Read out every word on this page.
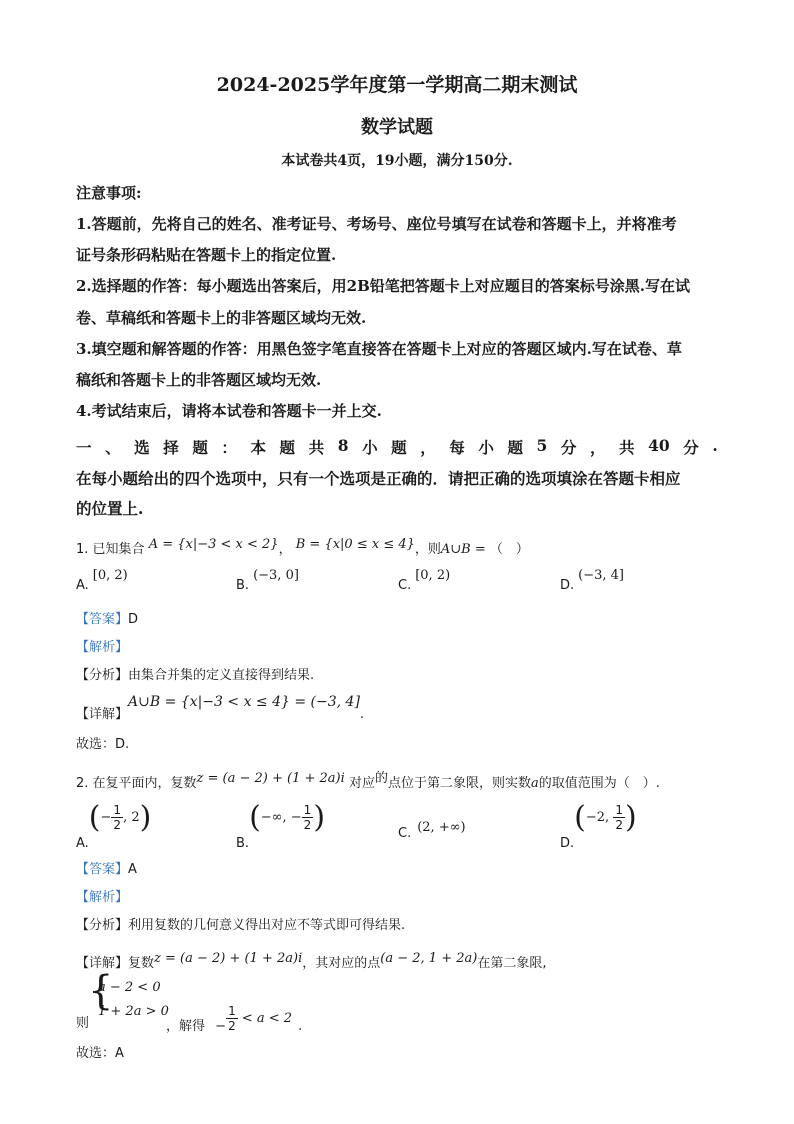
2024-2025学年度第一学期高二期末测试
数学试题
本试卷共4页，19小题，满分150分.
注意事项:
1.答题前，先将自己的姓名、准考证号、考场号、座位号填写在试卷和答题卡上，并将准考
证号条形码粘贴在答题卡上的指定位置.
2.选择题的作答：每小题选出答案后，用2B铅笔把答题卡上对应题目的答案标号涂黑.写在试
卷、草稿纸和答题卡上的非答题区域均无效.
3.填空题和解答题的作答：用黑色签字笔直接答在答题卡上对应的答题区域内.写在试卷、草
稿纸和答题卡上的非答题区域均无效.
4.考试结束后，请将本试卷和答题卡一并上交.
一 、 选 择 题 ： 本 题 共 8 小 题 ， 每 小 题 5 分 ， 共 40 分 .
在每小题给出的四个选项中，只有一个选项是正确的．请把正确的选项填涂在答题卡相应
的位置上.
1. 已知集合 A = {x|−3 < x < 2}， B = {x|0 ≤ x ≤ 4}，则A∪B = （　）
A.[0, 2)
B.(−3, 0]
C.[0, 2)
D.(−3, 4]
【答案】D
【解析】
【分析】由集合并集的定义直接得到结果.
【详解】A∪B = {x|−3 < x ≤ 4} = (−3, 4].
故选：D.
2. 在复平面内，复数z = (a − 2) + (1 + 2a)i 对应的点位于第二象限，则实数a的取值范围为（　）.
$A.(- \frac{1}{2}$ , 2)
B.(−∞, − $\frac{1}{2}$ )	C. (2, +∞)
D.(−2, $\frac{1}{2}$ )
【答案】A
【解析】
【分析】利用复数的几何意义得出对应不等式即可得结果.
【详解】复数z = (a − 2) + (1 + 2a)i，其对应的点(a − 2, 1 + 2a)在第二象限,
则
{
a − 2 < 0
1 + 2a > 0
，解得 − $\frac{1}{2} < a < 2$.
故选：A
